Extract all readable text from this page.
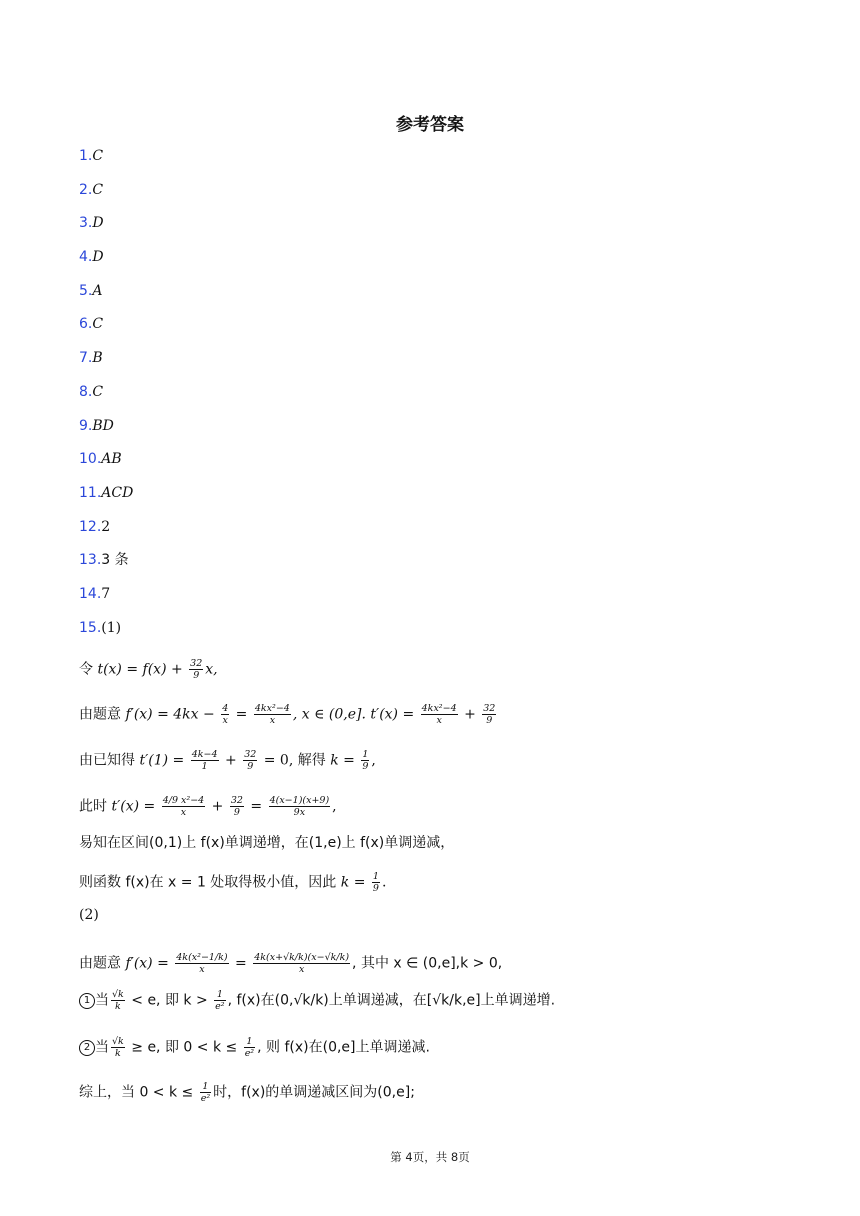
参考答案
1.C
2.C
3.D
4.D
5.A
6.C
7.B
8.C
9.BD
10.AB
11.ACD
12.2
13.3 条
14.7
15.(1)
令 $t(x) = f(x) + \frac{32}{9} x$,
由题意 $f'(x) = 4kx - \frac{4}{x} = \frac{\text{4kx²−4}}{x}$ , x ∈ (0,e]. $t'(x) = \frac{\text{4kx²−4}}{x} + \frac{32}{9}$
由已知得 $t'(1) = \frac{4k-4}{1} + \frac{32}{9} = 0$, 解得 $k = \frac{1}{9}$ ,
此时 $t'(x) = \frac{\text{4/9 x²−4}}{x} + \frac{32}{9} = \frac{4(x-1)(x+9)}{9x}$ ,
易知在区间(0,1)上 f(x)单调递增，在(1,e)上 f(x)单调递减，
则函数 f(x)在 x = 1 处取得极小值，因此 $k = \frac{1}{9}$ .
(2)
由题意 $f'(x) = \frac{\text{4k(x²−1/k)}}{x} = \frac{4k(x+√k/k)(x-√k/k)}{x}$ , 其中 x ∈ (0,e],k > 0,
1 当 $\frac{√k}{k} < e$, 即 $k > \frac{1}{\text{e²}}$ , f(x)在(0,√k/k)上单调递减，在[√k/k,e]上单调递增.
2 当 $\frac{√k}{k} \ge e$, 即 $0 < k \le \frac{1}{\text{e²}}$ , 则 f(x)在(0,e]上单调递减.
综上，当 $0 < k \le \frac{1}{\text{e²}}$ 时，f(x)的单调递减区间为(0,e];
第 4页，共 8页
